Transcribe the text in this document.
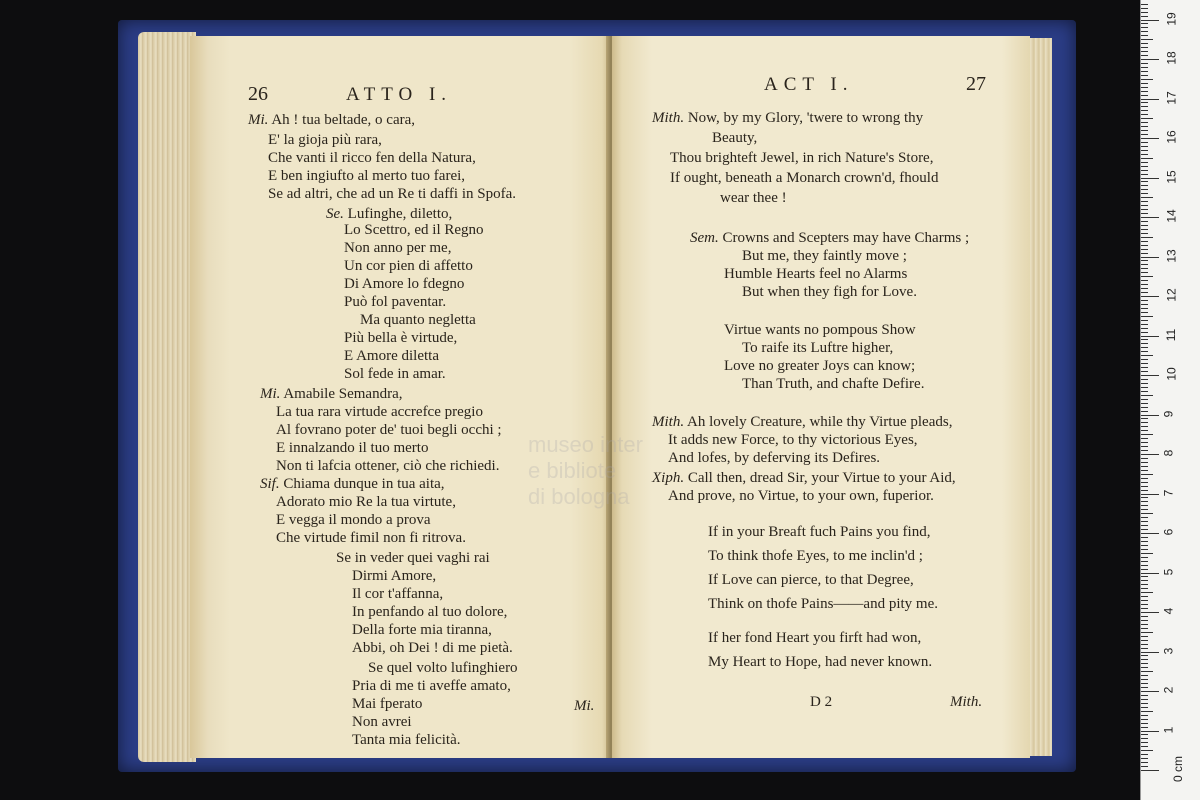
26	ATTO I.
Mi. Ah ! tua beltade, o cara,
E' la gioja più rara,
Che vanti il ricco fen della Natura,
E ben ingiufto al merto tuo farei,
Se ad altri, che ad un Re ti daffi in Spofa.
Se. Lufinghe, diletto,
Lo Scettro, ed il Regno
Non anno per me,
Un cor pien di affetto
Di Amore lo fdegno
Può fol paventar.
Ma quanto negletta
Più bella è virtude,
E Amore diletta
Sol fede in amar.
Mi. Amabile Semandra,
La tua rara virtude accrefce pregio
Al fovrano poter de' tuoi begli occhi ;
E innalzando il tuo merto
Non ti lafcia ottener, ciò che richiedi.
Sif. Chiama dunque in tua aita,
Adorato mio Re la tua virtute,
E vegga il mondo a prova
Che virtude fimil non fi ritrova.
Se in veder quei vaghi rai
Dirmi Amore,
Il cor t'affanna,
In penfando al tuo dolore,
Della forte mia tiranna,
Abbi, oh Dei ! di me pietà.
Se quel volto lufinghiero
Pria di me ti aveffe amato,
Mai fperato
Non avrei
Tanta mia felicità.
Mi.
ACT I.	27
Mith. Now, by my Glory, 'twere to wrong thy
Beauty,
Thou brighteft Jewel, in rich Nature's Store,
If ought, beneath a Monarch crown'd, fhould
wear thee !
Sem. Crowns and Scepters may have Charms ;
But me, they faintly move ;
Humble Hearts feel no Alarms
But when they figh for Love.
Virtue wants no pompous Show
To raife its Luftre higher,
Love no greater Joys can know;
Than Truth, and chafte Defire.
Mith. Ah lovely Creature, while thy Virtue pleads,
It adds new Force, to thy victorious Eyes,
And lofes, by deferving its Defires.
Xiph. Call then, dread Sir, your Virtue to your Aid,
And prove, no Virtue, to your own, fuperior.
If in your Breaft fuch Pains you find,
To think thofe Eyes, to me inclin'd ;
If Love can pierce, to that Degree,
Think on thofe Pains——and pity me.
If her fond Heart you firft had won,
My Heart to Hope, had never known.
D 2	Mith.
museo inter
e bibliote
di bologna
0 cm
1
2
3
4
5
6
7
8
9
10
11
12
13
14
15
16
17
18
19
